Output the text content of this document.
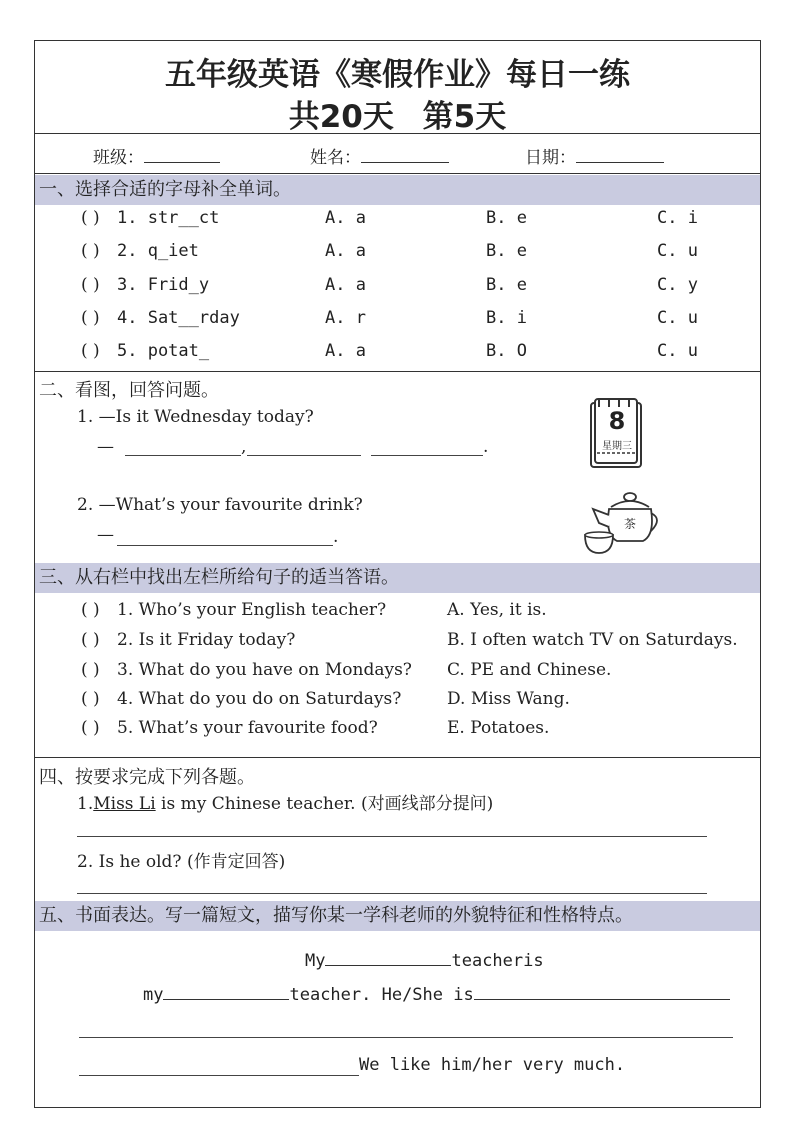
五年级英语《寒假作业》每日一练
共20天 第5天
班级：	姓名：	日期：
一、选择合适的字母补全单词。
( ) 1. str__ct	A. a	B. e	C. i
( ) 2. q_iet	A. a	B. e	C. u
( ) 3. Frid_y	A. a	B. e	C. y
( ) 4. Sat__rday	A. r	B. i	C. u
( ) 5. potat_	A. a	B. O	C. u
二、看图，回答问题。
1. —Is it Wednesday today?
—	,	.
8
星期三
2. —What’s your favourite drink?
—	.
茶
三、从右栏中找出左栏所给句子的适当答语。
( ) 1. Who’s your English teacher?	A. Yes, it is.
( ) 2. Is it Friday today?	B. I often watch TV on Saturdays.
( ) 3. What do you have on Mondays? C. PE and Chinese.
( ) 4. What do you do on Saturdays?	D. Miss Wang.
( ) 5. What’s your favourite food?	E. Potatoes.
四、按要求完成下列各题。
1.Miss Li is my Chinese teacher. (对画线部分提问)
2. Is he old? (作肯定回答)
五、书面表达。写一篇短文，描写你某一学科老师的外貌特征和性格特点。
My	teacheris
my	teacher. He/She is
We like him/her very much.
